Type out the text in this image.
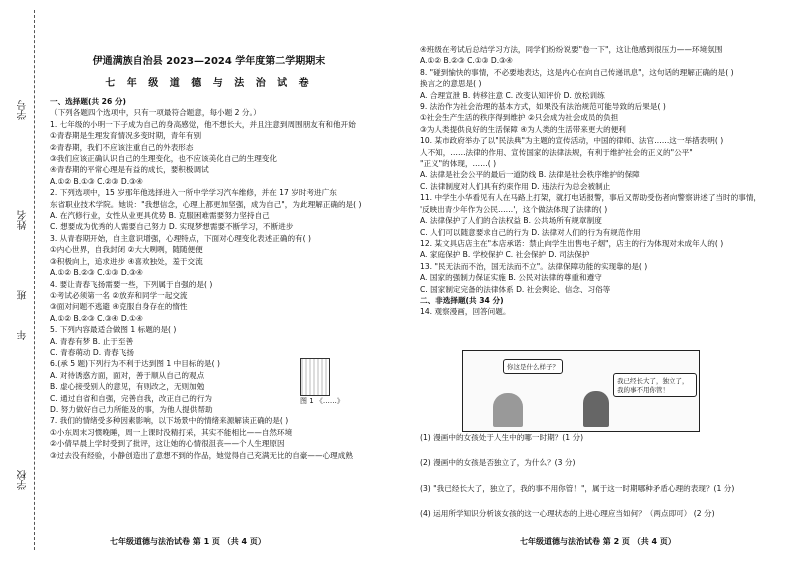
学号
姓名
班
年
学校
伊通满族自治县 2023—2024 学年度第二学期期末
七 年 级 道 德 与 法 治 试 卷

一、选择题(共 26 分)

（下列各题四个选项中，只有一项最符合题意，每小题 2 分。）

1. 七年级的小明一下子成为自己的身高感觉，他不想长大，并且注意到周围朋友有和他开始

①青春期是生理发育情况多变时期，青年有别

②青春期，我们不应该注重自己的外表形态

③我们应该正确认识自己的生理变化，也不应该美化自己的生理变化

④青春期的平常心理是有益的成长，要积极调试

A.①② B.①③ C.②③ D.③④

2. 下列选项中，15 岁那年他选择进入一所中学学习汽车维修，并在 17 岁时考进广东

东省职业技术学院。她说："我想信念，心理上都更加坚强，成为自己"，为此理解正确的是( )

A. 在汽修行业，女性从业更具优势 B. 克服困难需要努力坚持自己

C. 想要成为优秀的人需要自己努力 D. 实现梦想需要不断学习，不断进步

3. 从青春期开始，自主意识增强，心理特点，下面对心理变化表述正确的有( )

①内心世界，自我封闭 ②大大咧咧，随随便便

③积极向上，追求进步 ④喜欢独处，羞于交流

A.①② B.②③ C.①③ D.③④

4. 要让青春飞扬需要一些，下列属于自强的是( )

①考试必须第一名 ②放弃和同学一起交流

③面对问题不逃避 ④克服自身存在的惰性

A.①② B.②③ C.③④ D.①④

5. 下列内容最适合做图 1 标题的是( )

A. 青春有梦 B. 止于至善

C. 青春萌动 D. 青春飞扬

6.(承 5 题)下列行为不利于达到图 1 中目标的是( )

A. 对待诱惑方面，面对，善于顺从自己的观点

B. 虚心接受别人的意见，有则改之，无则加勉

C. 通过自省和自强，完善自我，改正自己的行为

D. 努力做好自己力所能及的事，为他人提供帮助

7. 我们的情绪受多种因素影响，以下场景中的情绪来源解读正确的是( )

①小东周末习惯晚睡，周一上课时没精打采，其实不能相比——自然环境

②小倩早晨上学时受到了批评，这让她的心情很沮丧——个人生理原因

③过去没有经验，小静创造出了意想不到的作品，她觉得自己充满无比的自豪——心理成熟

图 1 《……》
七年级道德与法治试卷 第 1 页 （共 4 页）

④班级在考试后总结学习方法，同学们纷纷说要"卷一下"，这让他感到很压力——环境氛围

A.①② B.②③ C.①③ D.③④

8. "碰到愉快的事情，不必要地表达，这是内心在向自己传递讯息"，这句话的理解正确的是( )

换言之的意思是( )

A. 合理宣泄 B. 转移注意 C. 改变认知评价 D. 放松训练

9. 法治作为社会治理的基本方式，如果没有法治规范可能导致的后果是( )

①社会生产生活的秩序得到维护 ②只会成为社会成员的负担

③为人类提供良好的生活保障 ④为人类的生活带来更大的便利

10. 某市政府举办了以"民法典"为主题的宣传活动，中国的律师、法官……这一举措表明( )

人不知，……法律的作用、宣传国家的法律法规，有利于维护社会的正义的"公平"

"正义"的体现，……( )

A. 法律是社会公平的最后一道防线 B. 法律是社会秩序维护的保障

C. 法律制度对人们具有约束作用 D. 违法行为总会被制止

11. 中学生小华看见有人在马路上打架，就打电话报警，事后又帮助受伤者向警察讲述了当时的事情，

'反映出青少年作为公民……'，这个做法体现了法律的( )

A. 法律保护了人们的合法权益 B. 公共场所有规章制度

C. 人们可以随意要求自己的行为 D. 法律对人们的行为有规范作用

12. 某文具店店主在"本店承诺：禁止向学生出售电子烟"，店主的行为体现对未成年人的( )

A. 家庭保护 B. 学校保护 C. 社会保护 D. 司法保护

13. "民无法而不治，国无法而不立"。法律保障功能的实现靠的是( )

A. 国家的强制力保证实施 B. 公民对法律的尊重和遵守

C. 国家制定完备的法律体系 D. 社会舆论、信念、习俗等

二、非选择题(共 34 分)

14. 观察漫画，回答问题。

你这是什么样子？
我已经长大了，独立了，我的事不用你管！

(1) 漫画中的女孩处于人生中的哪一时期？(1 分)

(2) 漫画中的女孩是否独立了，为什么？(3 分)

(3) "我已经长大了，独立了，我的事不用你管！"，属于这一时期哪种矛盾心理的表现？(1 分)

(4) 运用所学知识分析该女孩的这一心理状态的上进心理应当如何？（两点即可） (2 分)

七年级道德与法治试卷 第 2 页 （共 4 页）
